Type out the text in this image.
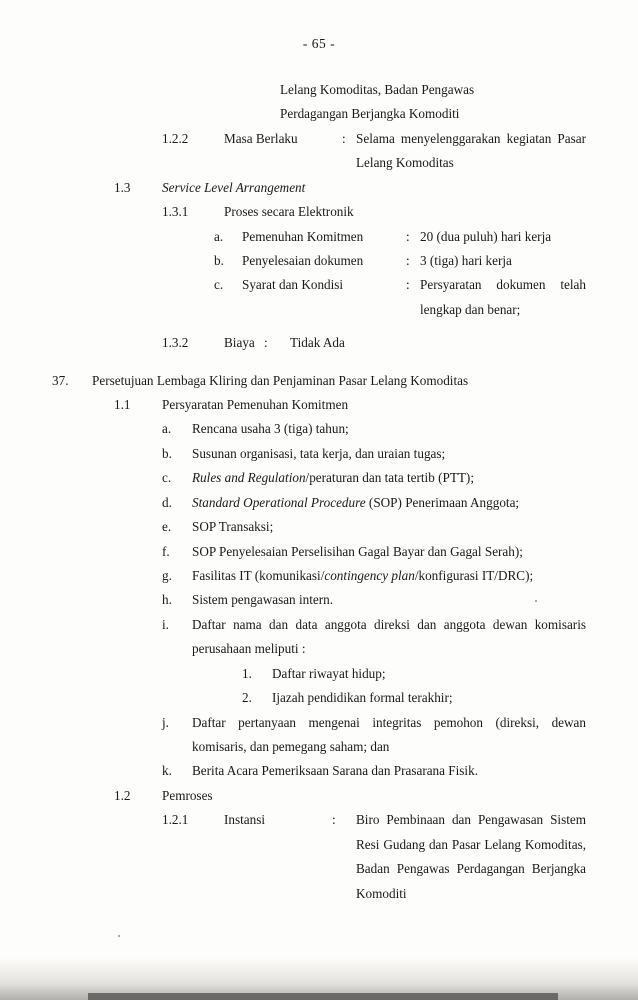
- 65 -
Lelang Komoditas, Badan Pengawas
Perdagangan Berjangka Komoditi
1.2.2	Masa Berlaku	: Selama menyelenggarakan kegiatan Pasar Lelang Komoditas
1.3	Service Level Arrangement
1.3.1	Proses secara Elektronik
a.	Pemenuhan Komitmen	: 20 (dua puluh) hari kerja
b.	Penyelesaian dokumen	: 3 (tiga) hari kerja
c.	Syarat dan Kondisi	: Persyaratan dokumen telah lengkap dan benar;
1.3.2	Biaya :	Tidak Ada
37.	Persetujuan Lembaga Kliring dan Penjaminan Pasar Lelang Komoditas
1.1	Persyaratan Pemenuhan Komitmen
a.	Rencana usaha 3 (tiga) tahun;
b.	Susunan organisasi, tata kerja, dan uraian tugas;
c.	Rules and Regulation/peraturan dan tata tertib (PTT);
d.	Standard Operational Procedure (SOP) Penerimaan Anggota;
e.	SOP Transaksi;
f.	SOP Penyelesaian Perselisihan Gagal Bayar dan Gagal Serah);
g.	Fasilitas IT (komunikasi/contingency plan/konfigurasi IT/DRC);
h.	Sistem pengawasan intern.
i.	Daftar nama dan data anggota direksi dan anggota dewan komisaris perusahaan meliputi :
1.	Daftar riwayat hidup;
2.	Ijazah pendidikan formal terakhir;
j.	Daftar pertanyaan mengenai integritas pemohon (direksi, dewan komisaris, dan pemegang saham; dan
k.	Berita Acara Pemeriksaan Sarana dan Prasarana Fisik.
1.2	Pemroses
1.2.1	Instansi	:	Biro Pembinaan dan Pengawasan Sistem Resi Gudang dan Pasar Lelang Komoditas, Badan Pengawas Perdagangan Berjangka Komoditi
